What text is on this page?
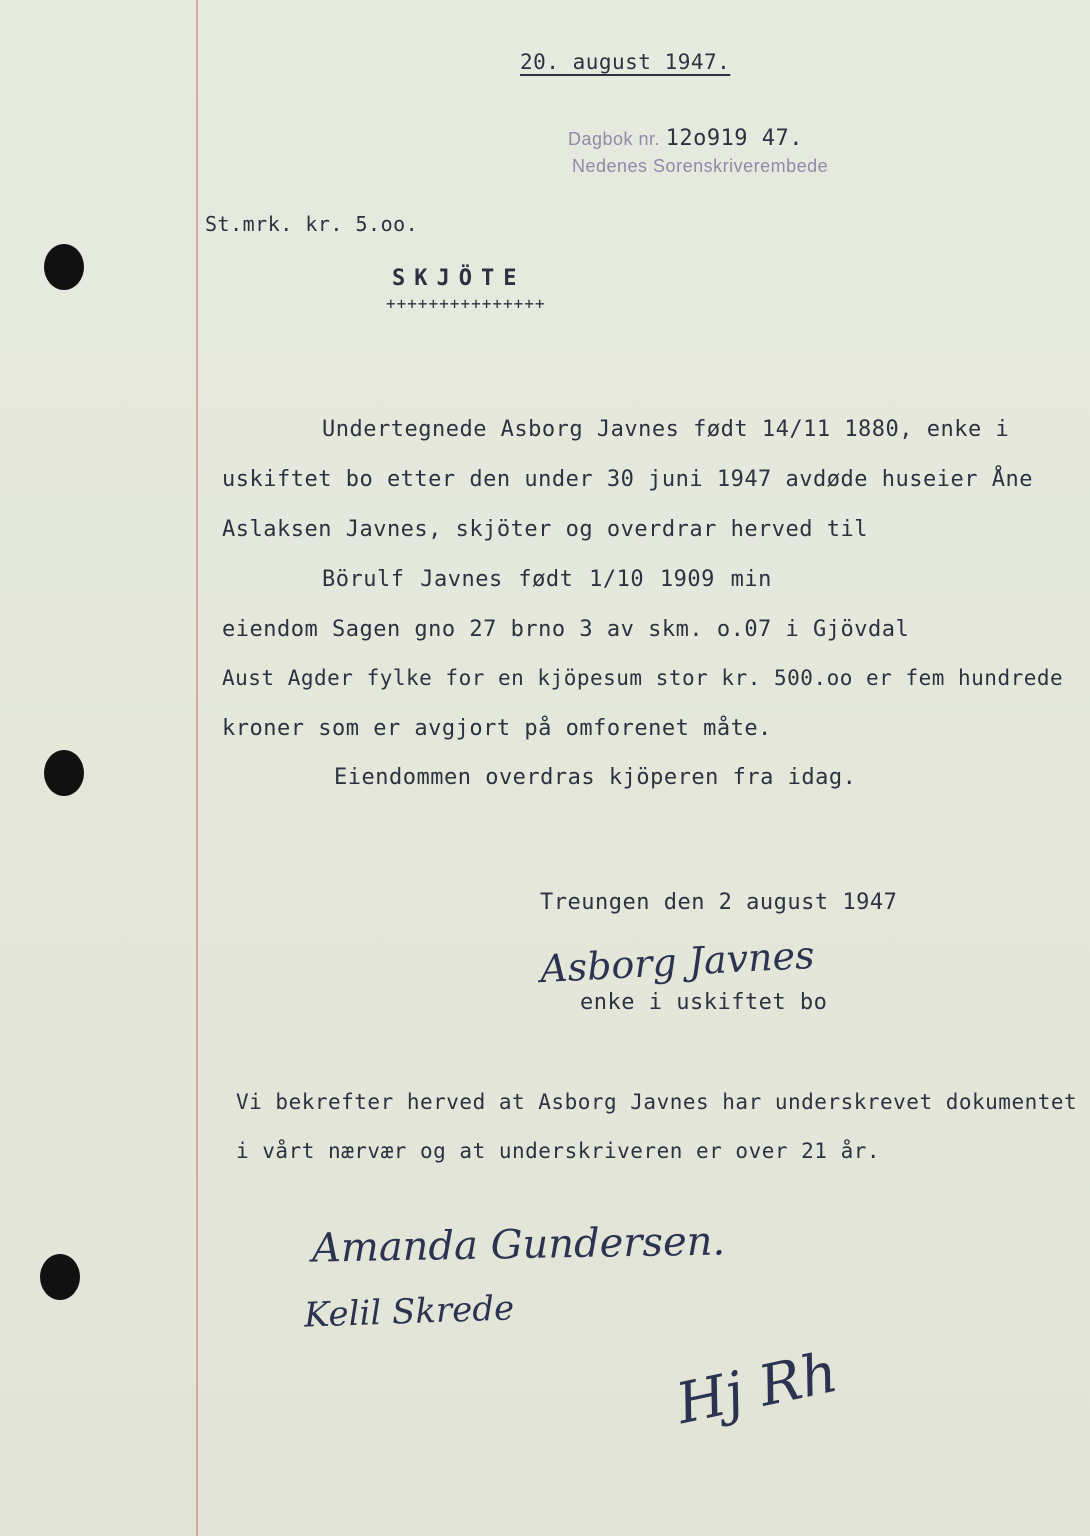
20. august 1947.
Dagbok nr. 12o919 47.
Nedenes Sorenskriverembede
St.mrk. kr. 5.oo.
SKJÖTE
+++++++++++++++
Undertegnede Asborg Javnes født 14/11 1880, enke i
uskiftet bo etter den under 30 juni 1947 avdøde huseier Åne
Aslaksen Javnes, skjöter og overdrar herved til
Börulf Javnes født 1/10 1909 min
eiendom Sagen gno 27 brno 3 av skm. o.07 i Gjövdal
Aust Agder fylke for en kjöpesum stor kr. 500.oo er fem hundrede
kroner som er avgjort på omforenet måte.
Eiendommen overdras kjöperen fra idag.
Treungen den 2 august 1947
Asborg Javnes
enke i uskiftet bo
Vi bekrefter herved at Asborg Javnes har underskrevet dokumentet
i vårt nærvær og at underskriveren er over 21 år.
Amanda Gundersen.
Kelil Skrede
Hj Rh
